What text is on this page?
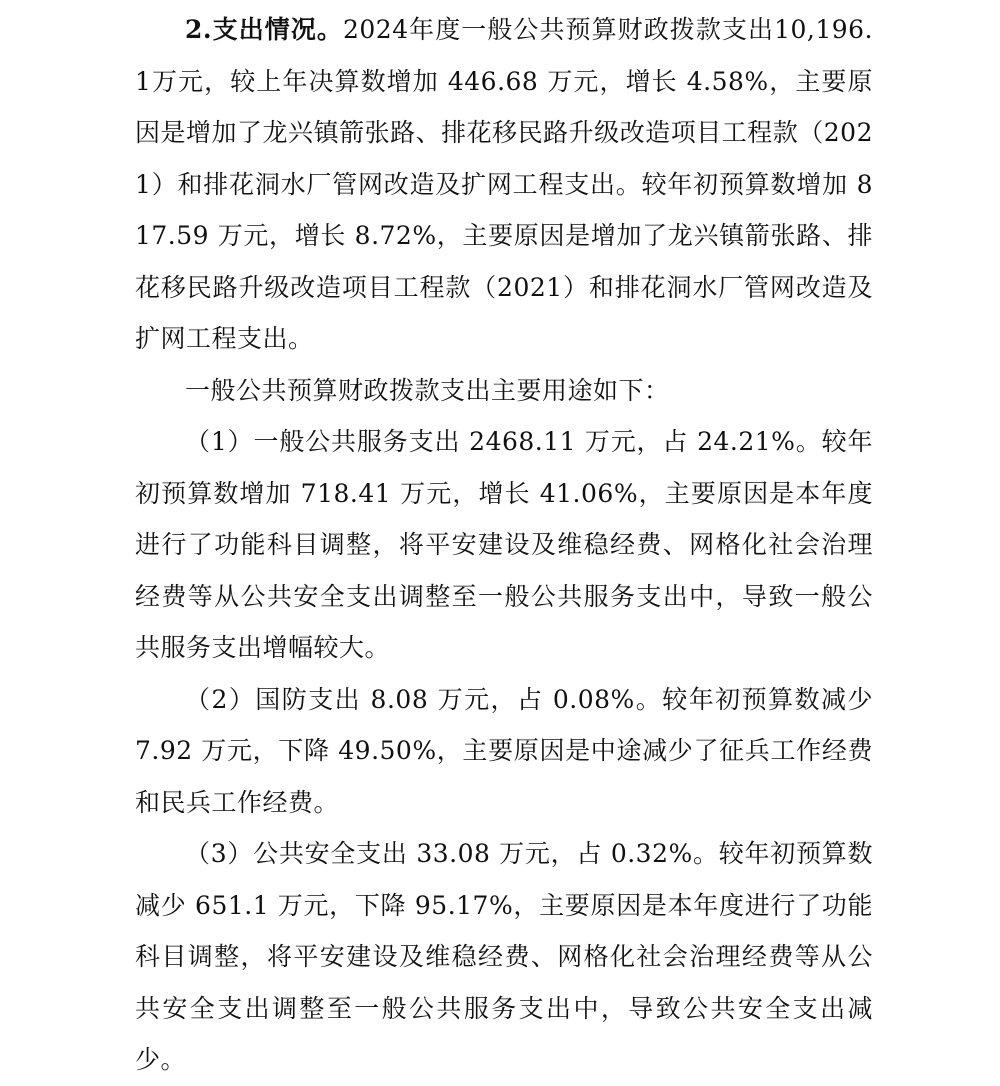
2.支出情况。2024年度一般公共预算财政拨款支出10,196.1万元，较上年决算数增加 446.68 万元，增长 4.58%，主要原因是增加了龙兴镇箭张路、排花移民路升级改造项目工程款（2021）和排花洞水厂管网改造及扩网工程支出。较年初预算数增加 817.59 万元，增长 8.72%，主要原因是增加了龙兴镇箭张路、排花移民路升级改造项目工程款（2021）和排花洞水厂管网改造及扩网工程支出。

一般公共预算财政拨款支出主要用途如下：

（1）一般公共服务支出 2468.11 万元，占 24.21%。较年初预算数增加 718.41 万元，增长 41.06%，主要原因是本年度进行了功能科目调整，将平安建设及维稳经费、网格化社会治理经费等从公共安全支出调整至一般公共服务支出中，导致一般公共服务支出增幅较大。

（2）国防支出 8.08 万元，占 0.08%。较年初预算数减少 7.92 万元，下降 49.50%，主要原因是中途减少了征兵工作经费和民兵工作经费。

（3）公共安全支出 33.08 万元，占 0.32%。较年初预算数减少 651.1 万元，下降 95.17%，主要原因是本年度进行了功能科目调整，将平安建设及维稳经费、网格化社会治理经费等从公共安全支出调整至一般公共服务支出中，导致公共安全支出减少。
